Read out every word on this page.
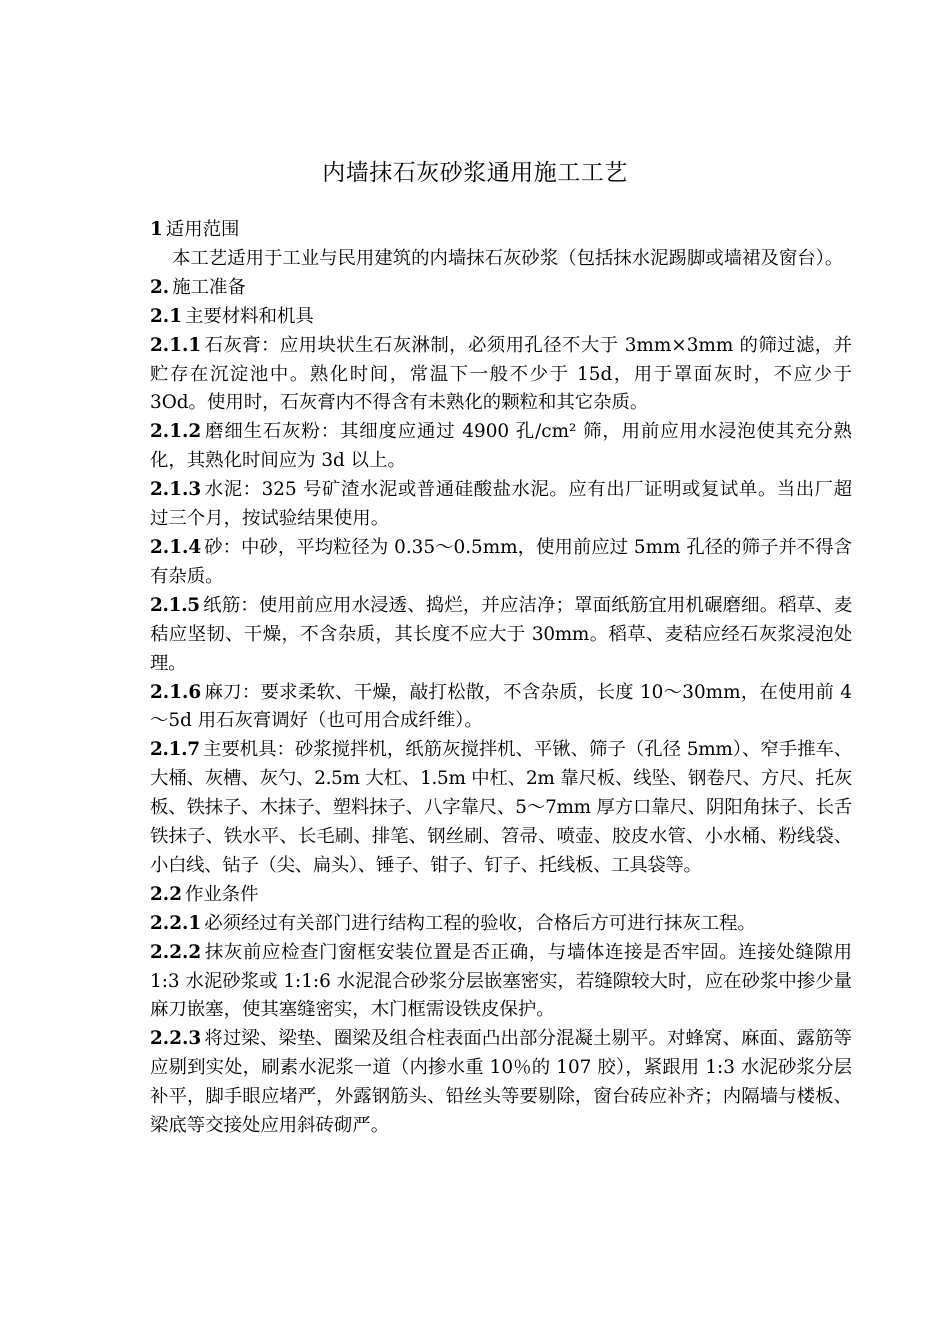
内墙抹石灰砂浆通用施工工艺

1 适用范围

本工艺适用于工业与民用建筑的内墙抹石灰砂浆（包括抹水泥踢脚或墙裙及窗台）。

2. 施工准备

2.1 主要材料和机具

2.1.1 石灰膏：应用块状生石灰淋制，必须用孔径不大于 3mm×3mm 的筛过滤，并贮存在沉淀池中。熟化时间，常温下一般不少于 15d，用于罩面灰时，不应少于 3Od。使用时，石灰膏内不得含有未熟化的颗粒和其它杂质。

2.1.2 磨细生石灰粉：其细度应通过 4900 孔/cm² 筛，用前应用水浸泡使其充分熟化，其熟化时间应为 3d 以上。

2.1.3 水泥：325 号矿渣水泥或普通硅酸盐水泥。应有出厂证明或复试单。当出厂超过三个月，按试验结果使用。

2.1.4 砂：中砂，平均粒径为 0.35～0.5mm，使用前应过 5mm 孔径的筛子并不得含有杂质。

2.1.5 纸筋：使用前应用水浸透、捣烂，并应洁净；罩面纸筋宜用机碾磨细。稻草、麦秸应坚韧、干燥，不含杂质，其长度不应大于 30mm。稻草、麦秸应经石灰浆浸泡处理。

2.1.6 麻刀：要求柔软、干燥，敲打松散，不含杂质，长度 10～30mm，在使用前 4～5d 用石灰膏调好（也可用合成纤维）。

2.1.7 主要机具：砂浆搅拌机，纸筋灰搅拌机、平锹、筛子（孔径 5mm）、窄手推车、大桶、灰槽、灰勺、2.5m 大杠、1.5m 中杠、2m 靠尺板、线坠、钢卷尺、方尺、托灰板、铁抹子、木抹子、塑料抹子、八字靠尺、5～7mm 厚方口靠尺、阴阳角抹子、长舌铁抹子、铁水平、长毛刷、排笔、钢丝刷、笤帚、喷壶、胶皮水管、小水桶、粉线袋、小白线、钻子（尖、扁头）、锤子、钳子、钉子、托线板、工具袋等。

2.2 作业条件

2.2.1 必须经过有关部门进行结构工程的验收，合格后方可进行抹灰工程。

2.2.2 抹灰前应检查门窗框安装位置是否正确，与墙体连接是否牢固。连接处缝隙用 1:3 水泥砂浆或 1:1:6 水泥混合砂浆分层嵌塞密实，若缝隙较大时，应在砂浆中掺少量麻刀嵌塞，使其塞缝密实，木门框需设铁皮保护。

2.2.3 将过梁、梁垫、圈梁及组合柱表面凸出部分混凝土剔平。对蜂窝、麻面、露筋等应剔到实处，刷素水泥浆一道（内掺水重 10％的 107 胶），紧跟用 1:3 水泥砂浆分层补平，脚手眼应堵严，外露钢筋头、铅丝头等要剔除，窗台砖应补齐；内隔墙与楼板、梁底等交接处应用斜砖砌严。
